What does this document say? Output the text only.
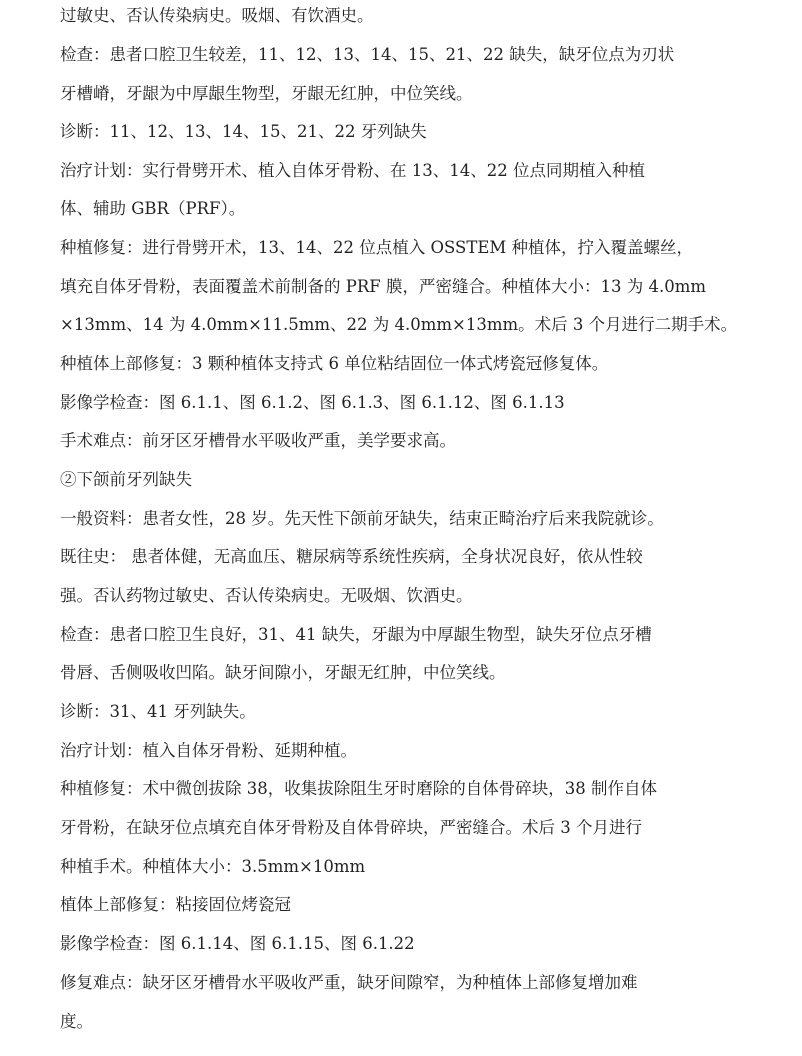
过敏史、否认传染病史。吸烟、有饮酒史。
检查：患者口腔卫生较差，11、12、13、14、15、21、22 缺失，缺牙位点为刃状
牙槽嵴，牙龈为中厚龈生物型，牙龈无红肿，中位笑线。
诊断：11、12、13、14、15、21、22 牙列缺失
治疗计划：实行骨劈开术、植入自体牙骨粉、在 13、14、22 位点同期植入种植
体、辅助 GBR（PRF）。
种植修复：进行骨劈开术，13、14、22 位点植入 OSSTEM 种植体，拧入覆盖螺丝，
填充自体牙骨粉，表面覆盖术前制备的 PRF 膜，严密缝合。种植体大小：13 为 4.0mm
×13mm、14 为 4.0mm×11.5mm、22 为 4.0mm×13mm。术后 3 个月进行二期手术。
种植体上部修复：3 颗种植体支持式 6 单位粘结固位一体式烤瓷冠修复体。
影像学检查：图 6.1.1、图 6.1.2、图 6.1.3、图 6.1.12、图 6.1.13
手术难点：前牙区牙槽骨水平吸收严重，美学要求高。
②下颌前牙列缺失
一般资料：患者女性，28 岁。先天性下颌前牙缺失，结束正畸治疗后来我院就诊。
既往史： 患者体健，无高血压、糖尿病等系统性疾病，全身状况良好，依从性较
强。否认药物过敏史、否认传染病史。无吸烟、饮酒史。
检查：患者口腔卫生良好，31、41 缺失，牙龈为中厚龈生物型，缺失牙位点牙槽
骨唇、舌侧吸收凹陷。缺牙间隙小，牙龈无红肿，中位笑线。
诊断：31、41 牙列缺失。
治疗计划：植入自体牙骨粉、延期种植。
种植修复：术中微创拔除 38，收集拔除阻生牙时磨除的自体骨碎块，38 制作自体
牙骨粉，在缺牙位点填充自体牙骨粉及自体骨碎块，严密缝合。术后 3 个月进行
种植手术。种植体大小：3.5mm×10mm
植体上部修复：粘接固位烤瓷冠
影像学检查：图 6.1.14、图 6.1.15、图 6.1.22
修复难点：缺牙区牙槽骨水平吸收严重，缺牙间隙窄，为种植体上部修复增加难
度。
